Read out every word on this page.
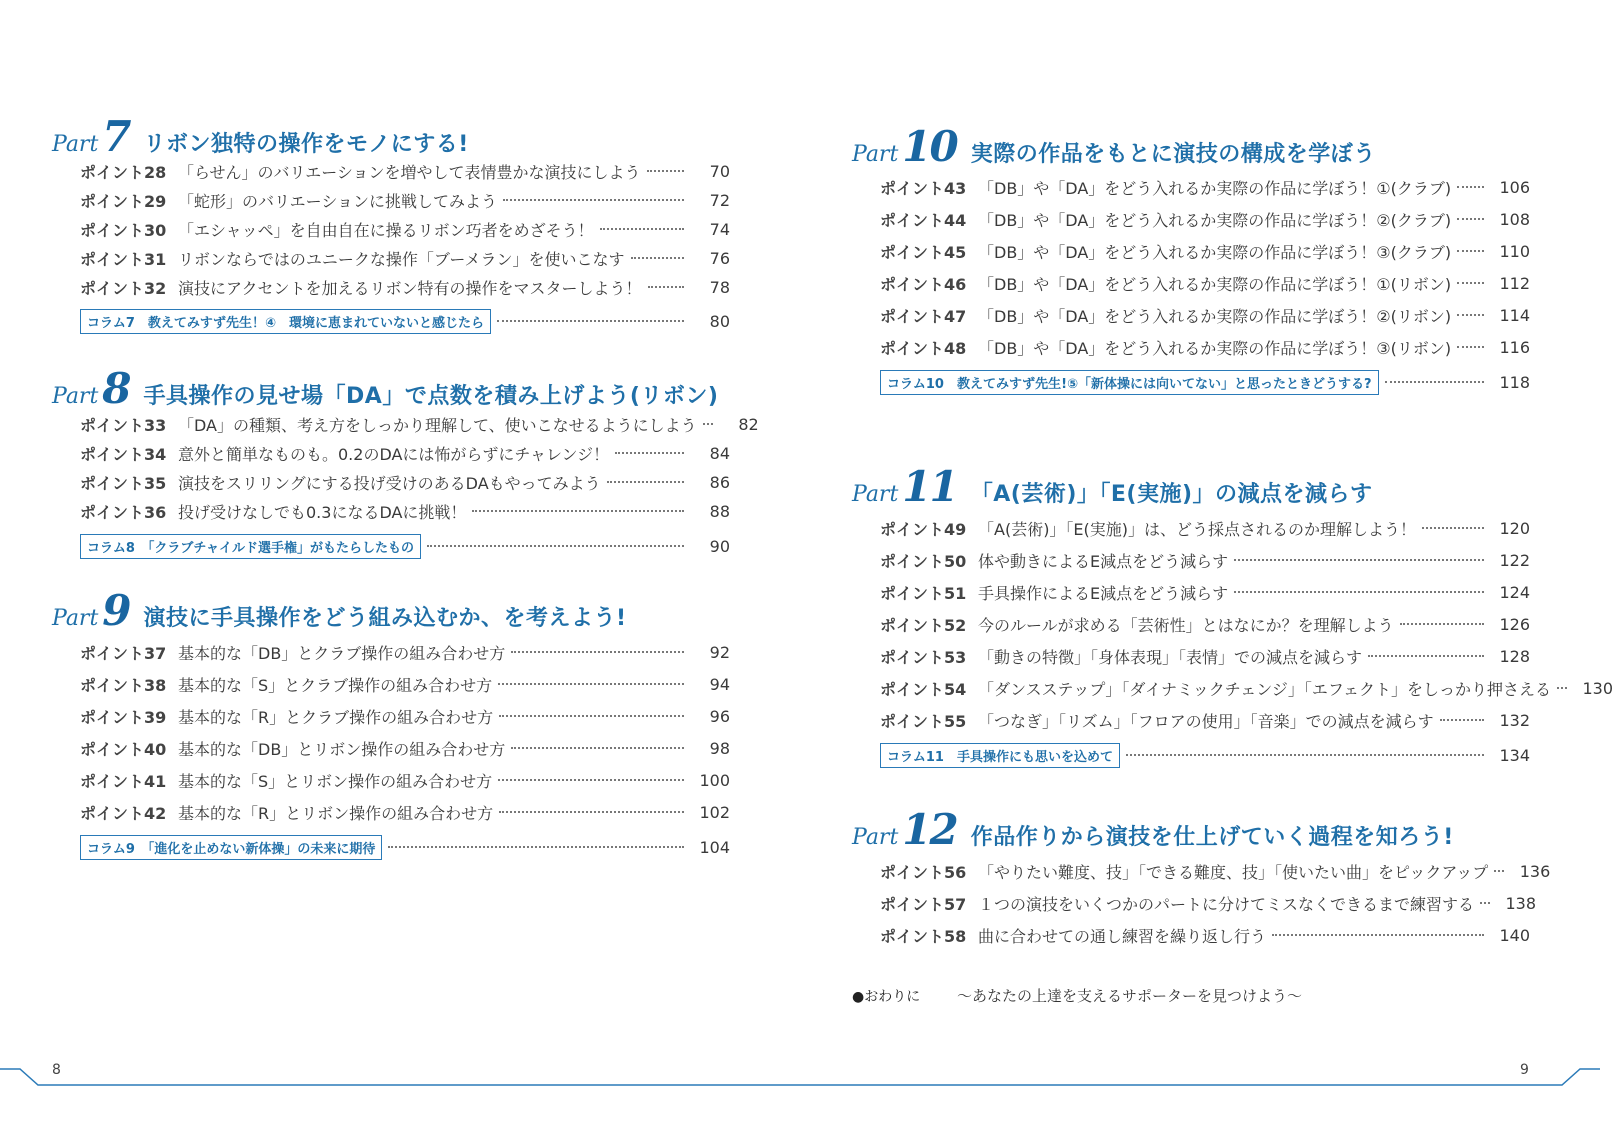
Part 7 リボン独特の操作をモノにする!
ポイント28 「らせん」のバリエーションを増やして表情豊かな演技にしよう	70
ポイント29 「蛇形」のバリエーションに挑戦してみよう	72
ポイント30 「エシャッペ」を自由自在に操るリボン巧者をめざそう！	74
ポイント31 リボンならではのユニークな操作「ブーメラン」を使いこなす	76
ポイント32 演技にアクセントを加えるリボン特有の操作をマスターしよう！	78
コラム7　教えてみすず先生！④　環境に恵まれていないと感じたら	80
Part 8 手具操作の見せ場「DA」で点数を積み上げよう(リボン)
ポイント33 「DA」の種類、考え方をしっかり理解して、使いこなせるようにしよう	82
ポイント34 意外と簡単なものも。0.2のDAには怖がらずにチャレンジ！	84
ポイント35 演技をスリリングにする投げ受けのあるDAもやってみよう	86
ポイント36 投げ受けなしでも0.3になるDAに挑戦！	88
コラム8　「クラブチャイルド選手権」がもたらしたもの	90
Part 9 演技に手具操作をどう組み込むか、を考えよう!
ポイント37 基本的な「DB」とクラブ操作の組み合わせ方	92
ポイント38 基本的な「S」とクラブ操作の組み合わせ方	94
ポイント39 基本的な「R」とクラブ操作の組み合わせ方	96
ポイント40 基本的な「DB」とリボン操作の組み合わせ方	98
ポイント41 基本的な「S」とリボン操作の組み合わせ方	100
ポイント42 基本的な「R」とリボン操作の組み合わせ方	102
コラム9　「進化を止めない新体操」の未来に期待	104
8
Part 10 実際の作品をもとに演技の構成を学ぼう
ポイント43 「DB」や「DA」をどう入れるか実際の作品に学ぼう！①(クラブ)	106
ポイント44 「DB」や「DA」をどう入れるか実際の作品に学ぼう！②(クラブ)	108
ポイント45 「DB」や「DA」をどう入れるか実際の作品に学ぼう！③(クラブ)	110
ポイント46 「DB」や「DA」をどう入れるか実際の作品に学ぼう！①(リボン)	112
ポイント47 「DB」や「DA」をどう入れるか実際の作品に学ぼう！②(リボン)	114
ポイント48 「DB」や「DA」をどう入れるか実際の作品に学ぼう！③(リボン)	116
コラム10　教えてみすず先生!⑤「新体操には向いてない」と思ったときどうする?	118
Part 11 「A(芸術)」「E(実施)」の減点を減らす
ポイント49 「A(芸術)」「E(実施)」は、どう採点されるのか理解しよう！	120
ポイント50 体や動きによるE減点をどう減らす	122
ポイント51 手具操作によるE減点をどう減らす	124
ポイント52 今のルールが求める「芸術性」とはなにか？を理解しよう	126
ポイント53 「動きの特徴」「身体表現」「表情」での減点を減らす	128
ポイント54 「ダンスステップ」「ダイナミックチェンジ」「エフェクト」をしっかり押さえる	130
ポイント55 「つなぎ」「リズム」「フロアの使用」「音楽」での減点を減らす	132
コラム11　手具操作にも思いを込めて	134
Part 12 作品作りから演技を仕上げていく過程を知ろう!
ポイント56 「やりたい難度、技」「できる難度、技」「使いたい曲」をピックアップ	136
ポイント57 １つの演技をいくつかのパートに分けてミスなくできるまで練習する	138
ポイント58 曲に合わせての通し練習を繰り返し行う	140
●おわりに ～あなたの上達を支えるサポーターを見つけよう～
9
